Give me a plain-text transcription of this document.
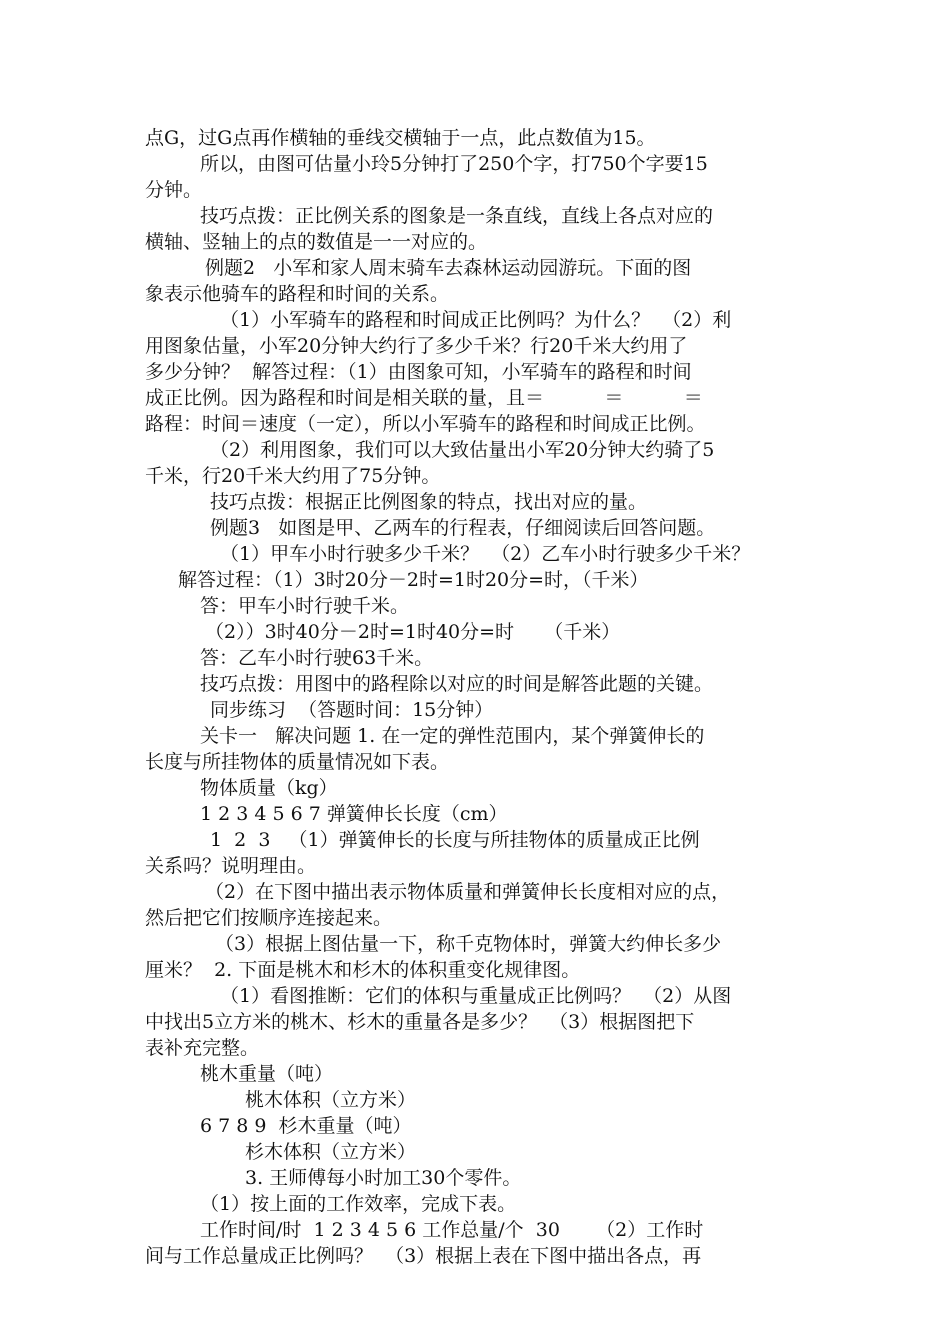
点G，过G点再作横轴的垂线交横轴于一点，此点数值为15。
所以，由图可估量小玲5分钟打了250个字，打750个字要15
分钟。
技巧点拨：正比例关系的图象是一条直线，直线上各点对应的
横轴、竖轴上的点的数值是一一对应的。
例题2   小军和家人周末骑车去森林运动园游玩。下面的图
象表示他骑车的路程和时间的关系。
（1）小军骑车的路程和时间成正比例吗？为什么？  （2）利
用图象估量，小军20分钟大约行了多少千米？行20千米大约用了
多少分钟？  解答过程：（1）由图象可知，小军骑车的路程和时间
成正比例。因为路程和时间是相关联的量，且＝          ＝          ＝
路程：时间＝速度（一定），所以小军骑车的路程和时间成正比例。
（2）利用图象，我们可以大致估量出小军20分钟大约骑了5
千米，行20千米大约用了75分钟。
技巧点拨：根据正比例图象的特点，找出对应的量。
例题3   如图是甲、乙两车的行程表，仔细阅读后回答问题。
（1）甲车小时行驶多少千米？  （2）乙车小时行驶多少千米？
解答过程：（1）3时20分－2时=1时20分=时，（千米）
答：甲车小时行驶千米。
（2））3时40分－2时=1时40分=时     （千米）
答：乙车小时行驶63千米。
技巧点拨：用图中的路程除以对应的时间是解答此题的关键。
同步练习  （答题时间：15分钟）
关卡一   解决问题 1. 在一定的弹性范围内，某个弹簧伸长的
长度与所挂物体的质量情况如下表。
物体质量（kg）
1 2 3 4 5 6 7 弹簧伸长长度（cm）
1  2  3   （1）弹簧伸长的长度与所挂物体的质量成正比例
关系吗？说明理由。
（2）在下图中描出表示物体质量和弹簧伸长长度相对应的点，
然后把它们按顺序连接起来。
（3）根据上图估量一下，称千克物体时，弹簧大约伸长多少
厘米？  2. 下面是桃木和杉木的体积重变化规律图。
（1）看图推断：它们的体积与重量成正比例吗？  （2）从图
中找出5立方米的桃木、杉木的重量各是多少？  （3）根据图把下
表补充完整。
桃木重量（吨）
桃木体积（立方米）
6 7 8 9  杉木重量（吨）
杉木体积（立方米）
3. 王师傅每小时加工30个零件。
（1）按上面的工作效率，完成下表。
工作时间/时  1 2 3 4 5 6 工作总量/个  30      （2）工作时
间与工作总量成正比例吗？  （3）根据上表在下图中描出各点，再
